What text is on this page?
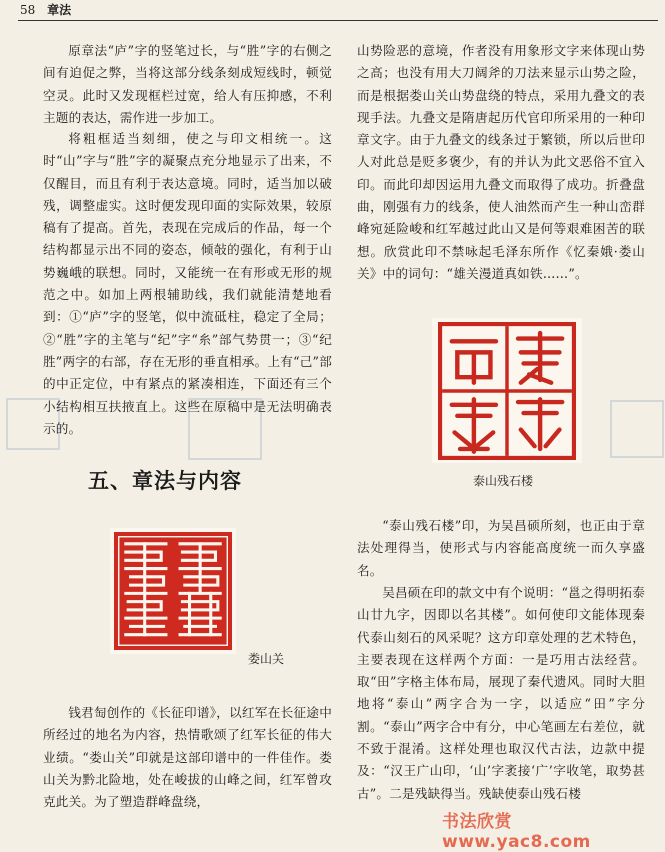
58 章法

原章法“庐”字的竖笔过长，与“胜”字的右侧之间有迫促之弊，当将这部分线条刻成短线时，顿觉空灵。此时又发现框栏过宽，给人有压抑感，不利主题的表达，需作进一步加工。

将粗框适当刻细，使之与印文相统一。这时“山”字与“胜”字的凝聚点充分地显示了出来，不仅醒目，而且有利于表达意境。同时，适当加以破残，调整虚实。这时便发现印面的实际效果，较原稿有了提高。首先，表现在完成后的作品，每一个结构都显示出不同的姿态，倾敧的强化，有利于山势巍峨的联想。同时，又能统一在有形或无形的规范之中。如加上两根辅助线，我们就能清楚地看到：①“庐”字的竖笔，似中流砥柱，稳定了全局；②“胜”字的主笔与“纪”字“糸”部气势贯一；③“纪胜”两字的右部，存在无形的垂直相承。上有“己”部的中正定位，中有紧点的紧凑相连，下面还有三个小结构相互扶掖直上。这些在原稿中是无法明确表示的。

五、章法与内容
娄山关

钱君匋创作的《长征印谱》，以红军在长征途中所经过的地名为内容，热情歌颂了红军长征的伟大业绩。“娄山关”印就是这部印谱中的一件佳作。娄山关为黔北险地，处在峻拔的山峰之间，红军曾攻克此关。为了塑造群峰盘绕，

山势险恶的意境，作者没有用象形文字来体现山势之高；也没有用大刀阔斧的刀法来显示山势之险，而是根据娄山关山势盘绕的特点，采用九叠文的表现手法。九叠文是隋唐起历代官印所采用的一种印章文字。由于九叠文的线条过于繁锁，所以后世印人对此总是贬多褒少，有的并认为此文恶俗不宜入印。而此印却因运用九叠文而取得了成功。折叠盘曲，刚强有力的线条，使人油然而产生一种山峦群峰宛延险峻和红军越过此山又是何等艰难困苦的联想。欣赏此印不禁咏起毛泽东所作《忆秦娥·娄山关》中的词句：“雄关漫道真如铁……”。

泰山残石楼

“泰山残石楼”印，为吴昌硕所刻，也正由于章法处理得当，使形式与内容能高度统一而久享盛名。

吴昌硕在印的款文中有个说明：“邕之得明拓泰山廿九字，因即以名其楼”。如何使印文能体现秦代泰山刻石的风采呢？这方印章处理的艺术特色，主要表现在这样两个方面：一是巧用古法经营。取“田”字格主体布局，展现了秦代遗风。同时大胆地将“泰山”两字合为一字，以适应“田”字分割。“泰山”两字合中有分，中心笔画左右差位，就不致于混淆。这样处理也取汉代古法，边款中提及：“汉王广山印，‘山’字袤接‘广’字收笔，取势甚古”。二是残缺得当。残缺使泰山残石楼

书法欣赏 www.yac8.com
